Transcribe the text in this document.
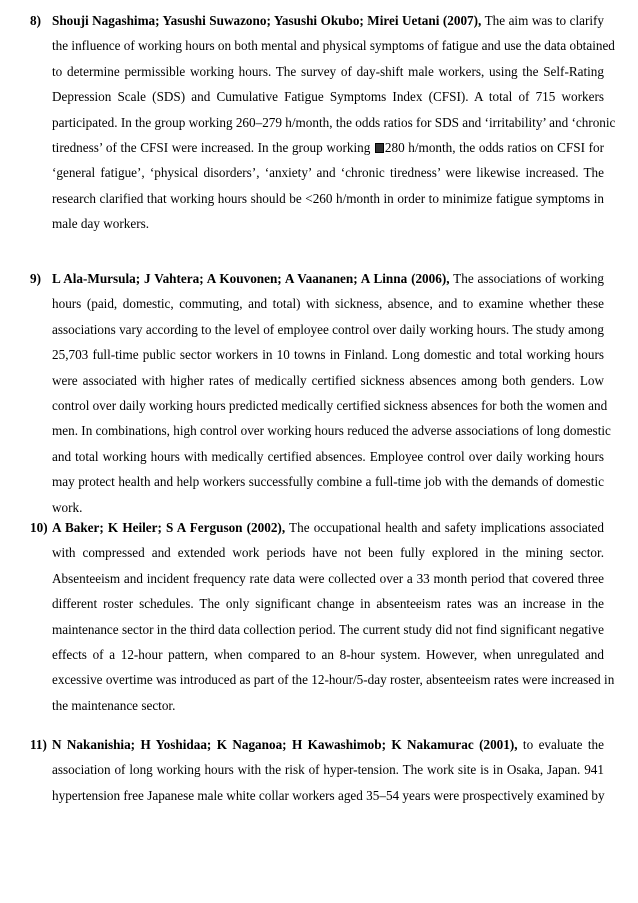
8) Shouji Nagashima; Yasushi Suwazono; Yasushi Okubo; Mirei Uetani (2007), The aim was to clarify
the influence of working hours on both mental and physical symptoms of fatigue and use the data obtained
to determine permissible working hours. The survey of day-shift male workers, using the Self-Rating
Depression Scale (SDS) and Cumulative Fatigue Symptoms Index (CFSI). A total of 715 workers
participated. In the group working 260–279 h/month, the odds ratios for SDS and ‘irritability’ and ‘chronic
tiredness’ of the CFSI were increased. In the group working 280 h/month, the odds ratios on CFSI for
‘general fatigue’, ‘physical disorders’, ‘anxiety’ and ‘chronic tiredness’ were likewise increased. The
research clarified that working hours should be <260 h/month in order to minimize fatigue symptoms in
male day workers.
9) L Ala-Mursula; J Vahtera; A Kouvonen; A Vaananen; A Linna (2006), The associations of working
hours (paid, domestic, commuting, and total) with sickness, absence, and to examine whether these
associations vary according to the level of employee control over daily working hours. The study among
25,703 full-time public sector workers in 10 towns in Finland. Long domestic and total working hours
were associated with higher rates of medically certified sickness absences among both genders. Low
control over daily working hours predicted medically certified sickness absences for both the women and
men. In combinations, high control over working hours reduced the adverse associations of long domestic
and total working hours with medically certified absences. Employee control over daily working hours
may protect health and help workers successfully combine a full-time job with the demands of domestic
work.
10) A Baker; K Heiler; S A Ferguson (2002), The occupational health and safety implications associated
with compressed and extended work periods have not been fully explored in the mining sector.
Absenteeism and incident frequency rate data were collected over a 33 month period that covered three
different roster schedules. The only significant change in absenteeism rates was an increase in the
maintenance sector in the third data collection period. The current study did not find significant negative
effects of a 12-hour pattern, when compared to an 8-hour system. However, when unregulated and
excessive overtime was introduced as part of the 12-hour/5-day roster, absenteeism rates were increased in
the maintenance sector.
11) N Nakanishia; H Yoshidaa; K Naganoa; H Kawashimob; K Nakamurac (2001), to evaluate the
association of long working hours with the risk of hyper-tension. The work site is in Osaka, Japan. 941
hypertension free Japanese male white collar workers aged 35–54 years were prospectively examined by
